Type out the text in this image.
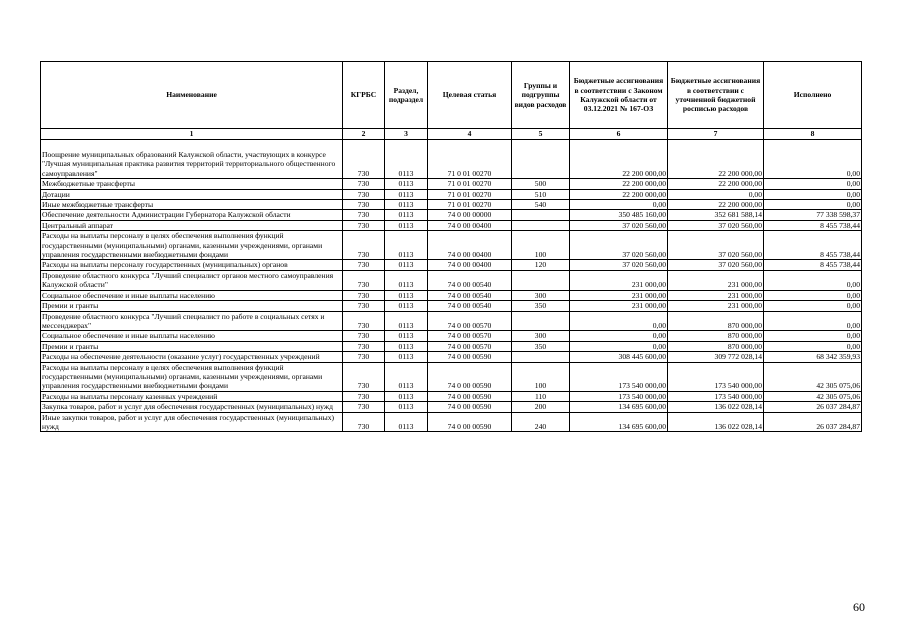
Наименование	КГРБС	Раздел, подраздел	Целевая статья	Группы и подгруппы видов расходов	Бюджетные ассигнования в соответствии с Законом Калужской области от 03.12.2021 № 167-ОЗ	Бюджетные ассигнования в соответствии с уточненной бюджетной росписью расходов	Исполнено
1	2	3	4	5	6	7	8
Поощрение муниципальных образований Калужской области, участвующих в конкурсе "Лучшая муниципальная практика развития территорий территориального общественного самоуправления"	730	0113	71 0 01 00270		22 200 000,00	22 200 000,00	0,00
Межбюджетные трансферты	730	0113	71 0 01 00270	500	22 200 000,00	22 200 000,00	0,00
Дотации	730	0113	71 0 01 00270	510	22 200 000,00	0,00	0,00
Иные межбюджетные трансферты	730	0113	71 0 01 00270	540	0,00	22 200 000,00	0,00
Обеспечение деятельности Администрации Губернатора Калужской области	730	0113	74 0 00 00000		350 485 160,00	352 681 588,14	77 338 598,37
Центральный аппарат	730	0113	74 0 00 00400		37 020 560,00	37 020 560,00	8 455 738,44
Расходы на выплаты персоналу в целях обеспечения выполнения функций государственными (муниципальными) органами, казенными учреждениями, органами управления государственными внебюджетными фондами	730	0113	74 0 00 00400	100	37 020 560,00	37 020 560,00	8 455 738,44
Расходы на выплаты персоналу государственных (муниципальных) органов	730	0113	74 0 00 00400	120	37 020 560,00	37 020 560,00	8 455 738,44
Проведение областного конкурса "Лучший специалист органов местного самоуправления Калужской области"	730	0113	74 0 00 00540		231 000,00	231 000,00	0,00
Социальное обеспечение и иные выплаты населению	730	0113	74 0 00 00540	300	231 000,00	231 000,00	0,00
Премии и гранты	730	0113	74 0 00 00540	350	231 000,00	231 000,00	0,00
Проведение областного конкурса "Лучший специалист по работе в социальных сетях и мессенджерах"	730	0113	74 0 00 00570		0,00	870 000,00	0,00
Социальное обеспечение и иные выплаты населению	730	0113	74 0 00 00570	300	0,00	870 000,00	0,00
Премии и гранты	730	0113	74 0 00 00570	350	0,00	870 000,00	0,00
Расходы на обеспечение деятельности (оказание услуг) государственных учреждений	730	0113	74 0 00 00590		308 445 600,00	309 772 028,14	68 342 359,93
Расходы на выплаты персоналу в целях обеспечения выполнения функций государственными (муниципальными) органами, казенными учреждениями, органами управления государственными внебюджетными фондами	730	0113	74 0 00 00590	100	173 540 000,00	173 540 000,00	42 305 075,06
Расходы на выплаты персоналу казенных учреждений	730	0113	74 0 00 00590	110	173 540 000,00	173 540 000,00	42 305 075,06
Закупка товаров, работ и услуг для обеспечения государственных (муниципальных) нужд	730	0113	74 0 00 00590	200	134 695 600,00	136 022 028,14	26 037 284,87
Иные закупки товаров, работ и услуг для обеспечения государственных (муниципальных) нужд	730	0113	74 0 00 00590	240	134 695 600,00	136 022 028,14	26 037 284,87
60
